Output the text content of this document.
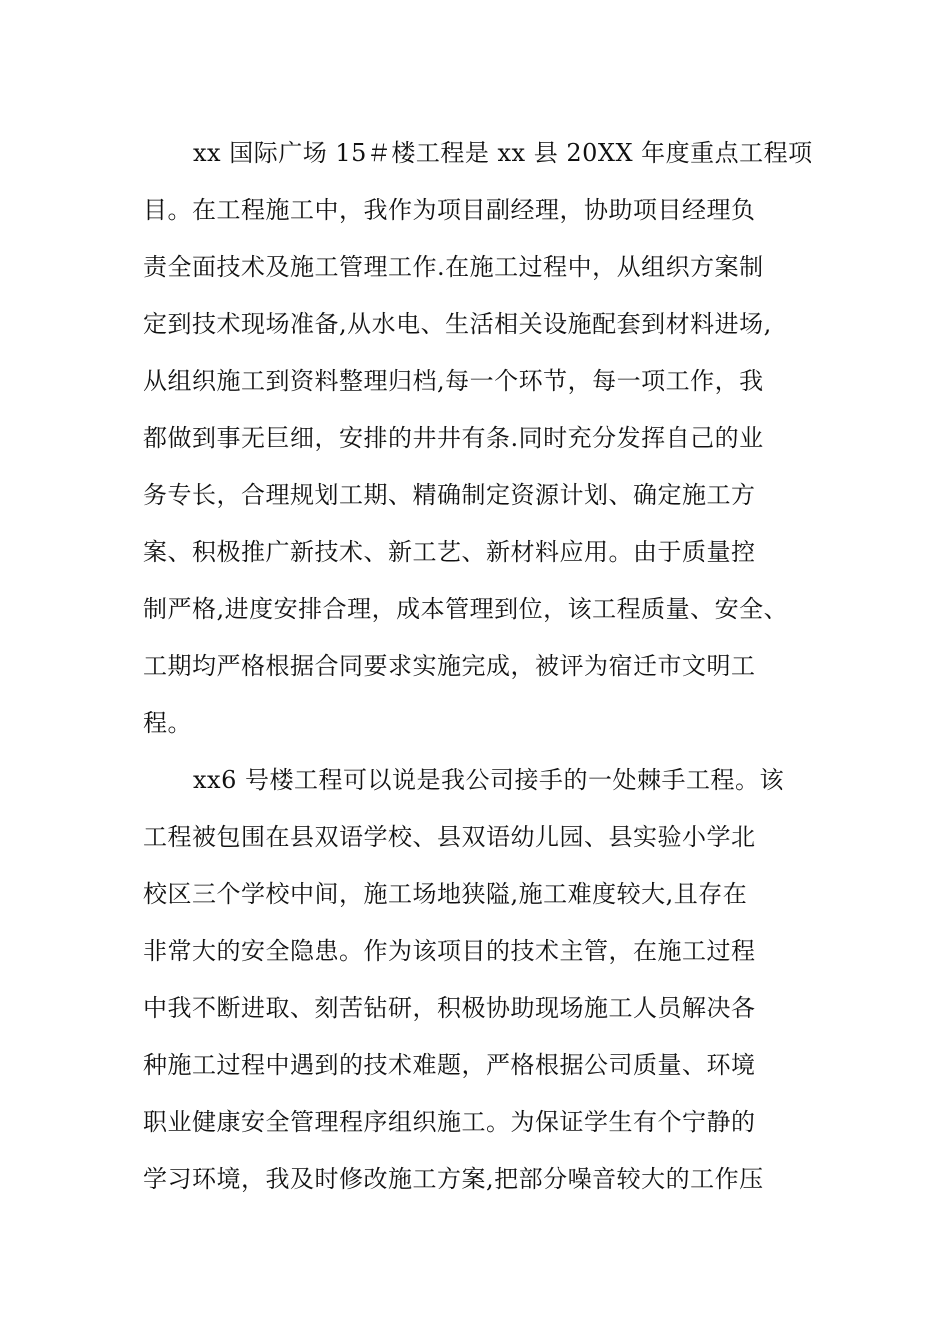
xx 国际广场 15＃楼工程是 xx 县 20XX 年度重点工程项
目。在工程施工中，我作为项目副经理，协助项目经理负
责全面技术及施工管理工作.在施工过程中，从组织方案制
定到技术现场准备,从水电、生活相关设施配套到材料进场,
从组织施工到资料整理归档,每一个环节，每一项工作，我
都做到事无巨细，安排的井井有条.同时充分发挥自己的业
务专长，合理规划工期、精确制定资源计划、确定施工方
案、积极推广新技术、新工艺、新材料应用。由于质量控
制严格,进度安排合理，成本管理到位，该工程质量、安全、
工期均严格根据合同要求实施完成，被评为宿迁市文明工
程。
xx6 号楼工程可以说是我公司接手的一处棘手工程。该
工程被包围在县双语学校、县双语幼儿园、县实验小学北
校区三个学校中间，施工场地狭隘,施工难度较大,且存在
非常大的安全隐患。作为该项目的技术主管，在施工过程
中我不断进取、刻苦钻研，积极协助现场施工人员解决各
种施工过程中遇到的技术难题，严格根据公司质量、环境
职业健康安全管理程序组织施工。为保证学生有个宁静的
学习环境，我及时修改施工方案,把部分噪音较大的工作压
